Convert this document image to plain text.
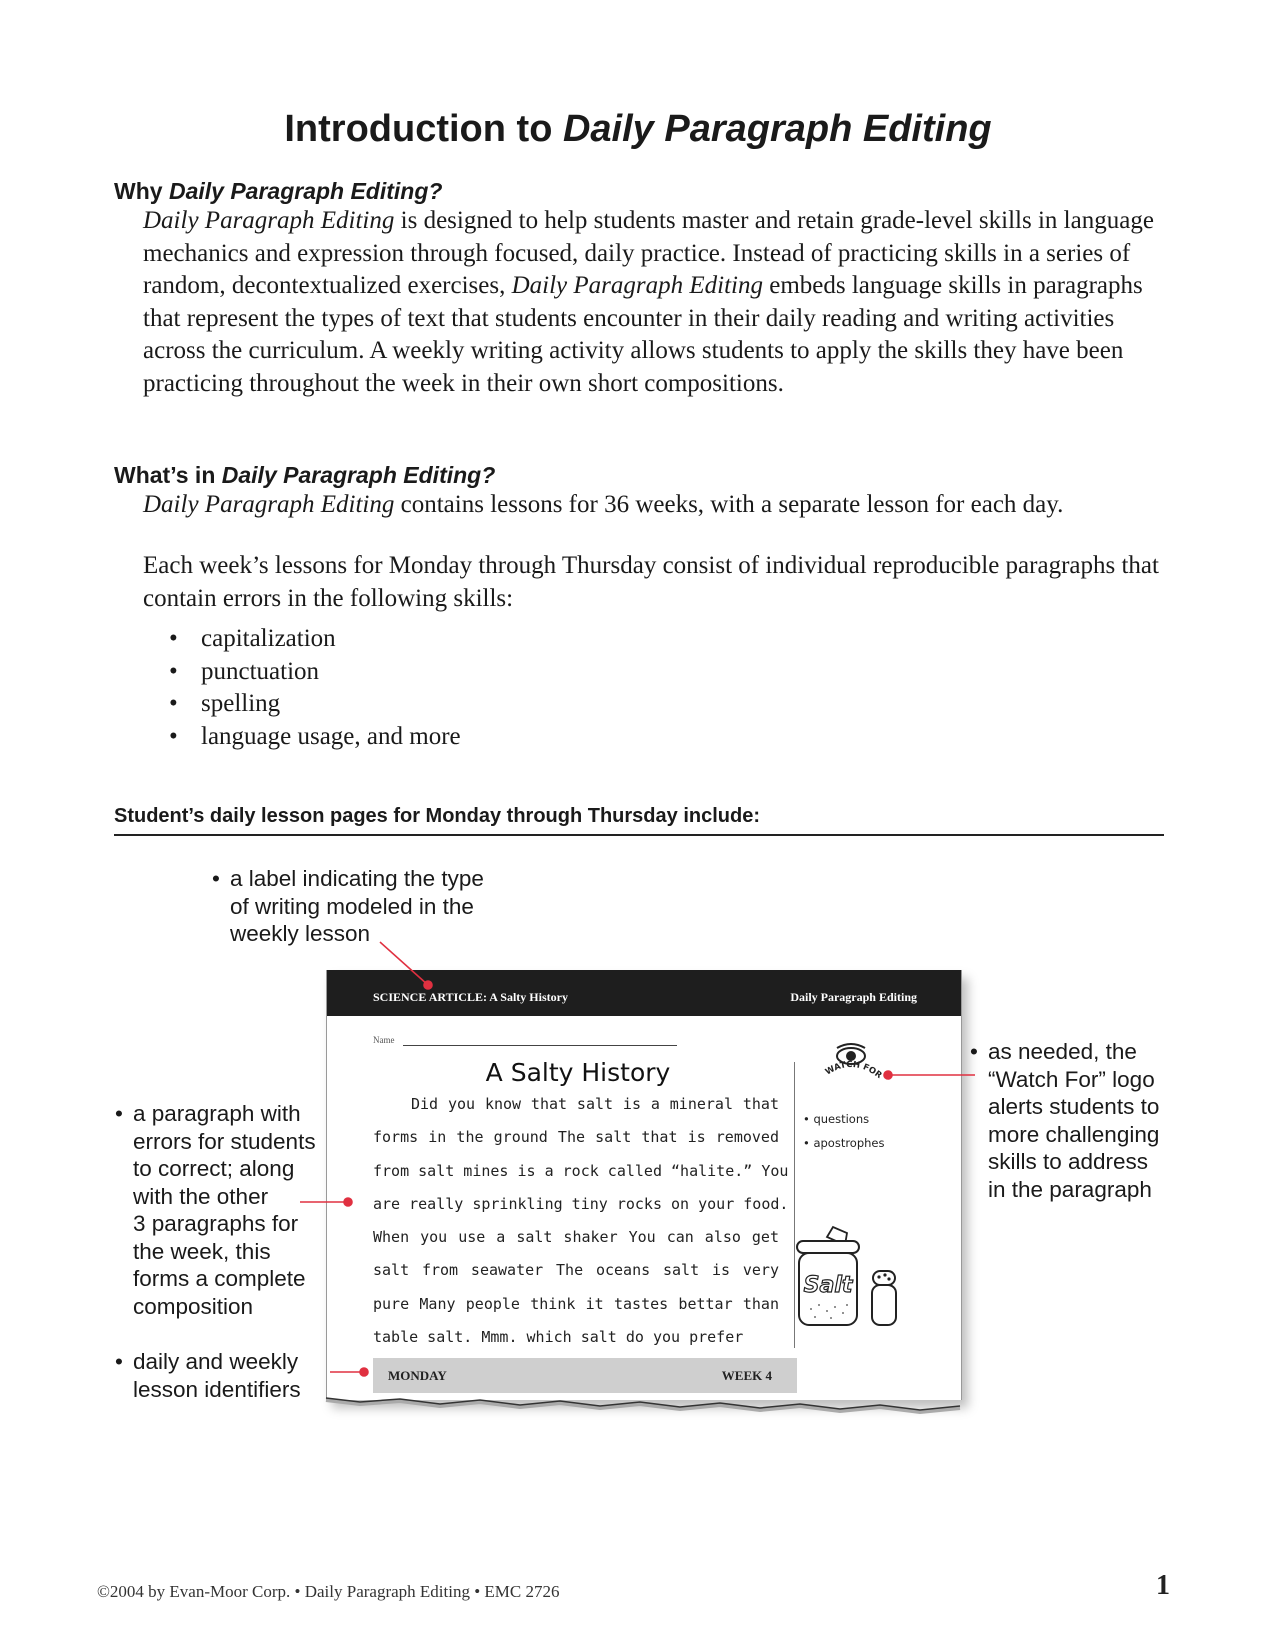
Introduction to Daily Paragraph Editing
Why Daily Paragraph Editing?
Daily Paragraph Editing is designed to help students master and retain grade-level skills in language mechanics and expression through focused, daily practice. Instead of practicing skills in a series of random, decontextualized exercises, Daily Paragraph Editing embeds language skills in paragraphs that represent the types of text that students encounter in their daily reading and writing activities across the curriculum. A weekly writing activity allows students to apply the skills they have been practicing throughout the week in their own short compositions.
What’s in Daily Paragraph Editing?
Daily Paragraph Editing contains lessons for 36 weeks, with a separate lesson for each day.
Each week’s lessons for Monday through Thursday consist of individual reproducible paragraphs that contain errors in the following skills:
• capitalization
• punctuation
• spelling
• language usage, and more
Student’s daily lesson pages for Monday through Thursday include:
• a label indicating the type
of writing modeled in the
weekly lesson
• a paragraph with
errors for students
to correct; along
with the other
3 paragraphs for
the week, this
forms a complete
composition
• daily and weekly
lesson identifiers
• as needed, the
“Watch For” logo
alerts students to
more challenging
skills to address
in the paragraph
SCIENCE ARTICLE: A Salty History	Daily Paragraph Editing
Name
A Salty History
Did you know that salt is a mineral that
forms in the ground The salt that is removed
from salt mines is a rock called “halite.” You
are really sprinkling tiny rocks on your food.
When you use a salt shaker You can also get
salt from seawater The oceans salt is very
pure Many people think it tastes bettar than
table salt. Mmm. which salt do you prefer
WATCH FOR
• questions
• apostrophes
Salt
MONDAY	WEEK 4
©2004 by Evan-Moor Corp. • Daily Paragraph Editing • EMC 2726	1
